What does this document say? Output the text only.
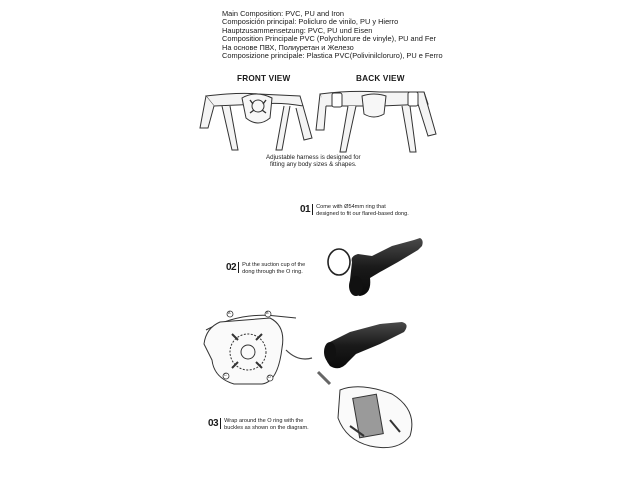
Main Composition: PVC, PU and Iron
Composición principal: Policluro de vinilo, PU y Hierro
Hauptzusammensetzung: PVC, PU und Eisen
Composition Principale PVC (Polychlorure de vinyle), PU and Fer
На основе ПВХ, Полиуретан и Железо
Composizione principale: Plastica PVC(Polivinilcloruro), PU e Ferro
FRONT VIEW	BACK VIEW
Adjustable harness is designed for
fitting any body sizes & shapes.
01	Come with Ø54mm ring that
designed to fit our flared-based dong.
02	Put the suction cup of the
dong through the O ring.
03	Wrap around the O ring with the
buckles as shown on the diagram.
A	B
C	D
